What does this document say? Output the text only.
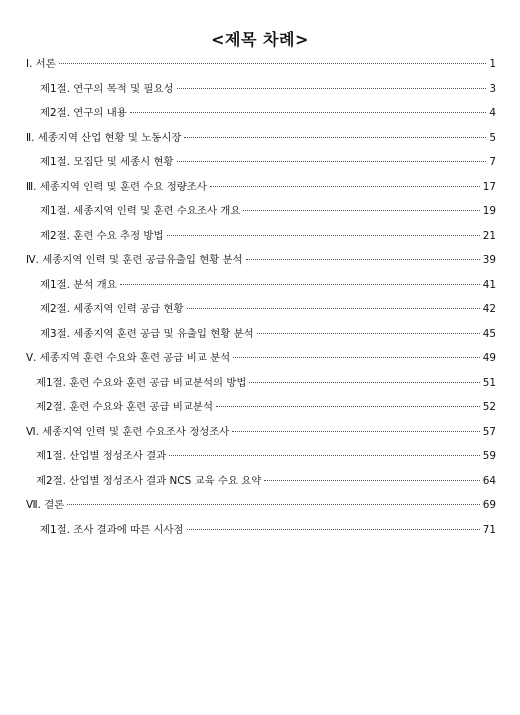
<제목 차례>
Ⅰ. 서론	1
제1절. 연구의 목적 및 필요성	3
제2절. 연구의 내용	4
Ⅱ. 세종지역 산업 현황 및 노동시장	5
제1절. 모집단 및 세종시 현황	7
Ⅲ. 세종지역 인력 및 훈련 수요 정량조사	17
제1절. 세종지역 인력 및 훈련 수요조사 개요	19
제2절. 훈련 수요 추정 방법	21
Ⅳ. 세종지역 인력 및 훈련 공급유출입 현황 분석	39
제1절. 분석 개요	41
제2절. 세종지역 인력 공급 현황	42
제3절. 세종지역 훈련 공급 및 유출입 현황 분석	45
Ⅴ. 세종지역 훈련 수요와 훈련 공급 비교 분석	49
제1절. 훈련 수요와 훈련 공급 비교분석의 방법	51
제2절. 훈련 수요와 훈련 공급 비교분석	52
Ⅵ. 세종지역 인력 및 훈련 수요조사 정성조사	57
제1절. 산업별 정성조사 결과	59
제2절. 산업별 정성조사 결과 NCS 교육 수요 요약	64
Ⅶ. 결론	69
제1절. 조사 결과에 따른 시사점	71
